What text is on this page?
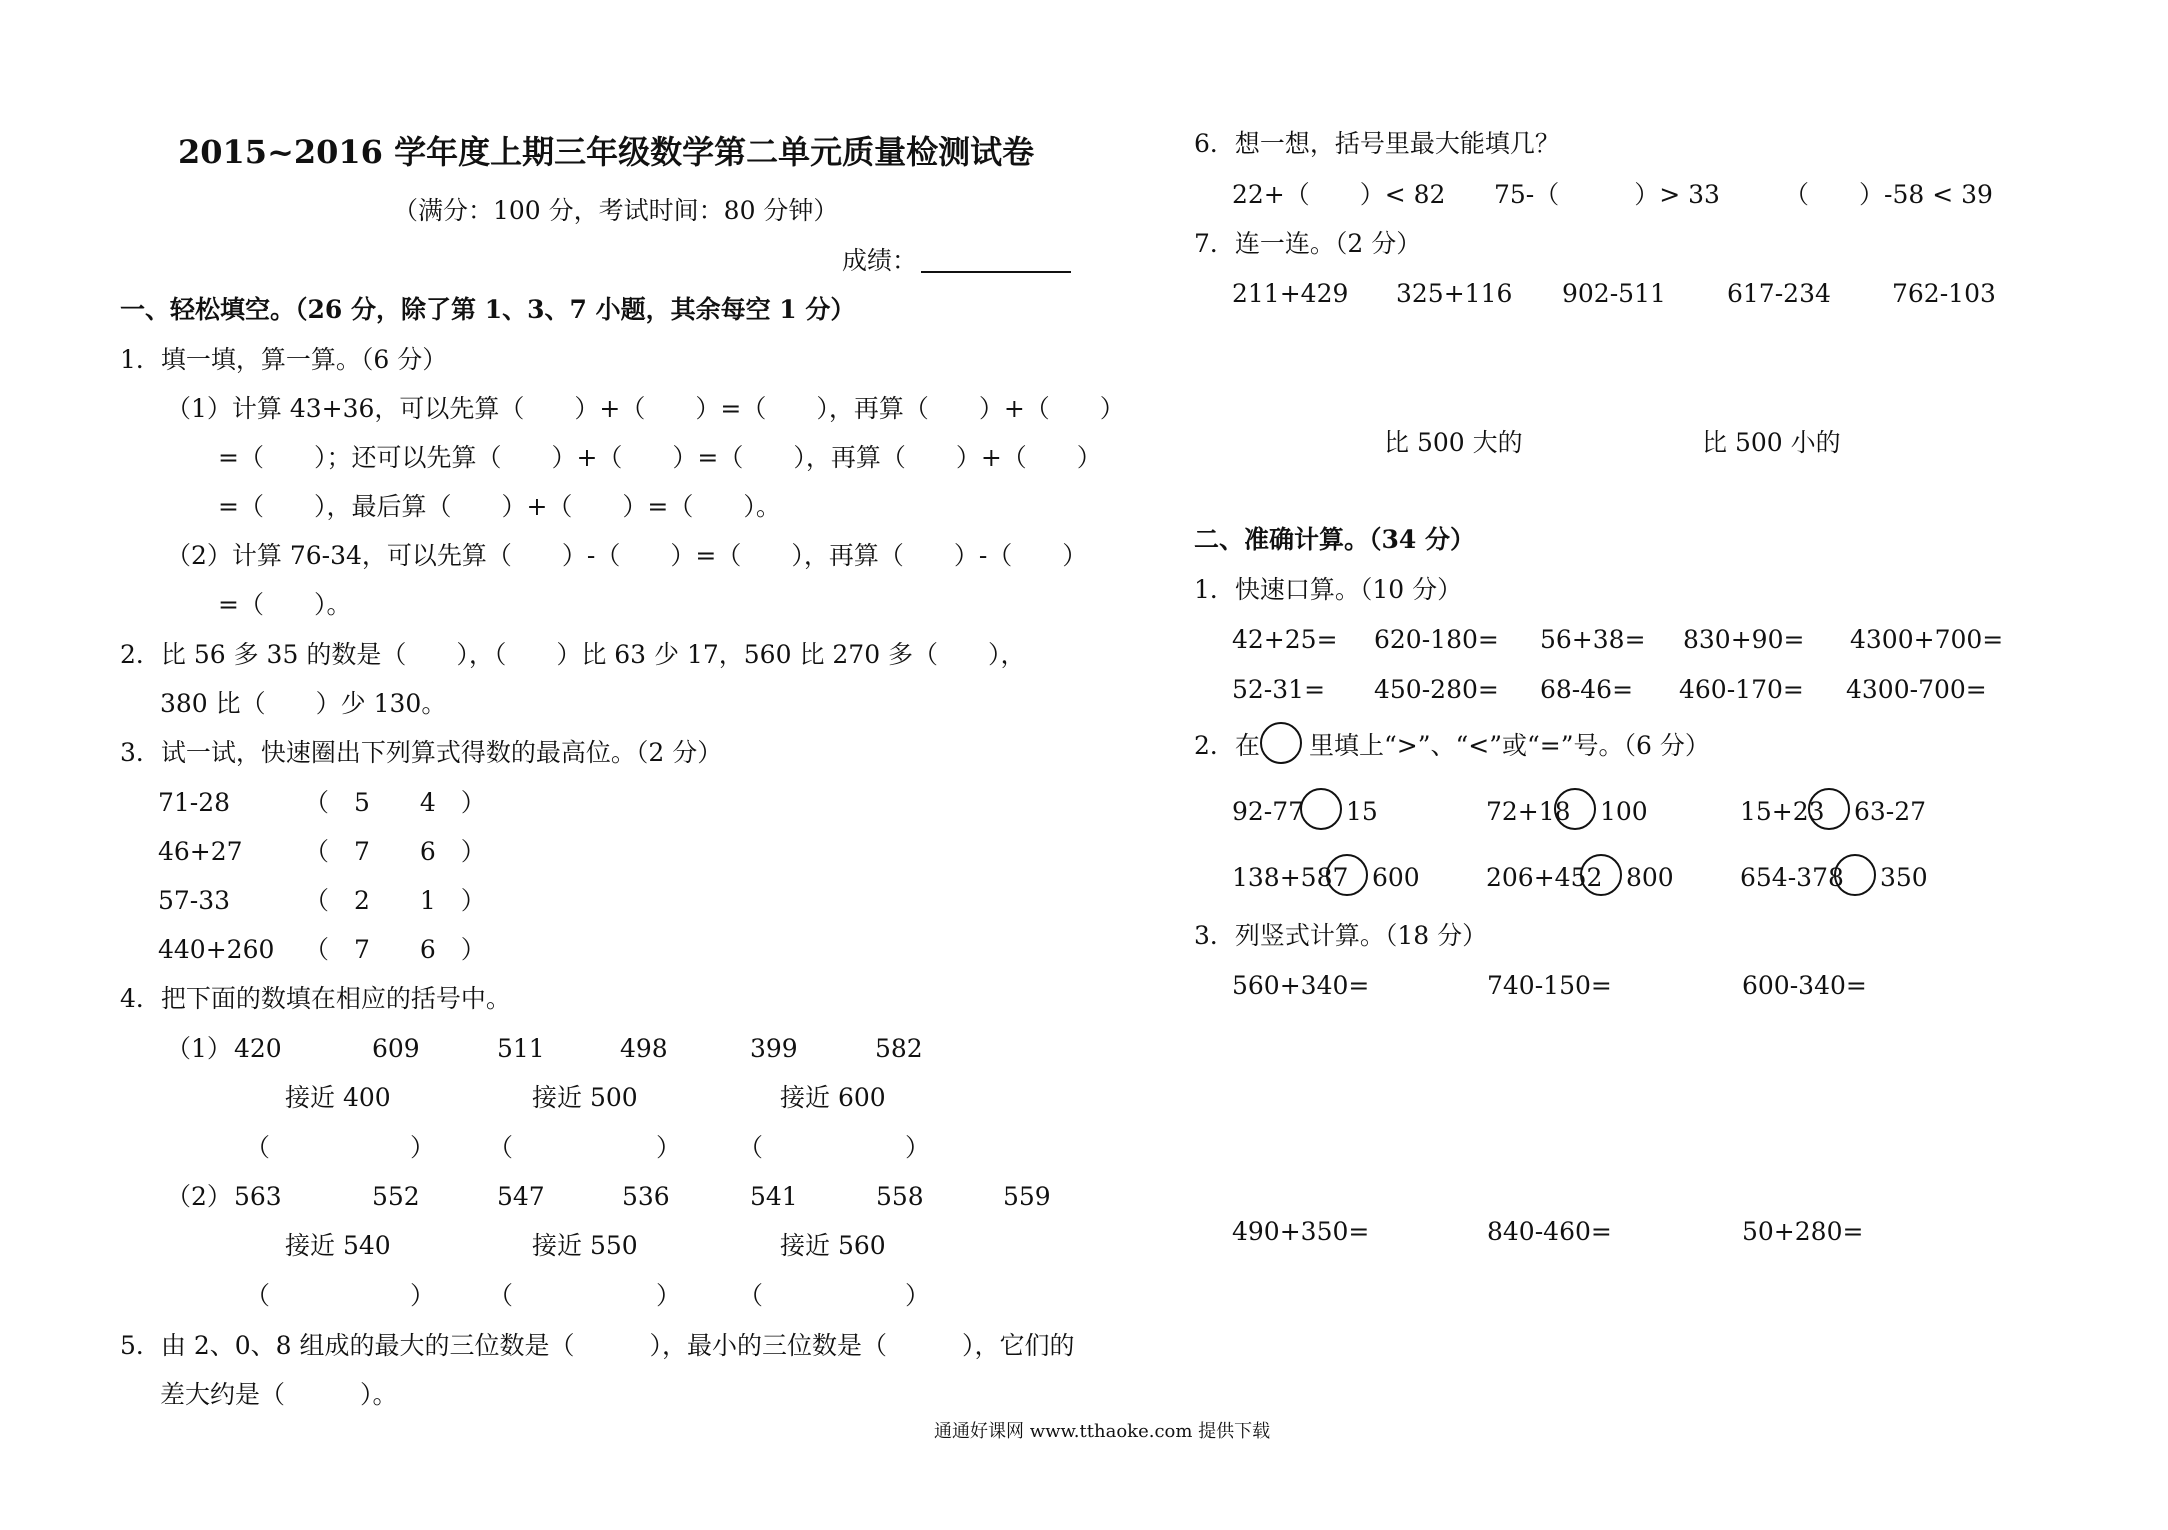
2015~2016 学年度上期三年级数学第二单元质量检测试卷
（满分：100 分，考试时间：80 分钟）
成绩：
一、轻松填空。（26 分，除了第 1、3、7 小题，其余每空 1 分）
1．填一填，算一算。（6 分）
（1）计算 43+36，可以先算（　　）+（　　）=（　　），再算（　　）+（　　）
=（　　）；还可以先算（　　）+（　　）=（　　），再算（　　）+（　　）
=（　　），最后算（　　）+（　　）=（　　）。
（2）计算 76-34，可以先算（　　）-（　　）=（　　），再算（　　）-（　　）
=（　　）。
2．比 56 多 35 的数是（　　），（　　）比 63 少 17，560 比 270 多（　　），
380 比（　　）少 130。
3．试一试，快速圈出下列算式得数的最高位。（2 分）
71-28	（　5　　4　）
46+27 （　7　　6　）
57-33	（　2　　1　）
440+260 （　7　　6　）
4．把下面的数填在相应的括号中。
（1） 420	609	511	498	399	582
接近 400	接近 500	接近 600
（	） （	） （	）
（2） 563	552	547	536	541	558	559
接近 540	接近 550	接近 560
（	） （	） （	）
5．由 2、0、8 组成的最大的三位数是（　　　），最小的三位数是（　　　），它们的
差大约是（　　　）。
6．想一想，括号里最大能填几？
22+（　　）< 82 75-（　　　）> 33	（　　）-58 < 39
7．连一连。（2 分）
211+429 325+116 902-511 617-234 762-103
比 500 大的	比 500 小的
二、准确计算。（34 分）
1．快速口算。（10 分）
42+25= 620-180= 56+38= 830+90= 4300+700=
52-31= 450-280= 68-46= 460-170= 4300-700=
2．在 里填上“>”、“<”或“=”号。（6 分）
92-77 15	72+18 100	15+23 63-27
138+587 600	206+452 800	654-378 350
3．列竖式计算。（18 分）
560+340=	740-150=	600-340=
490+350=	840-460=	50+280=
通通好课网 www.tthaoke.com 提供下载
